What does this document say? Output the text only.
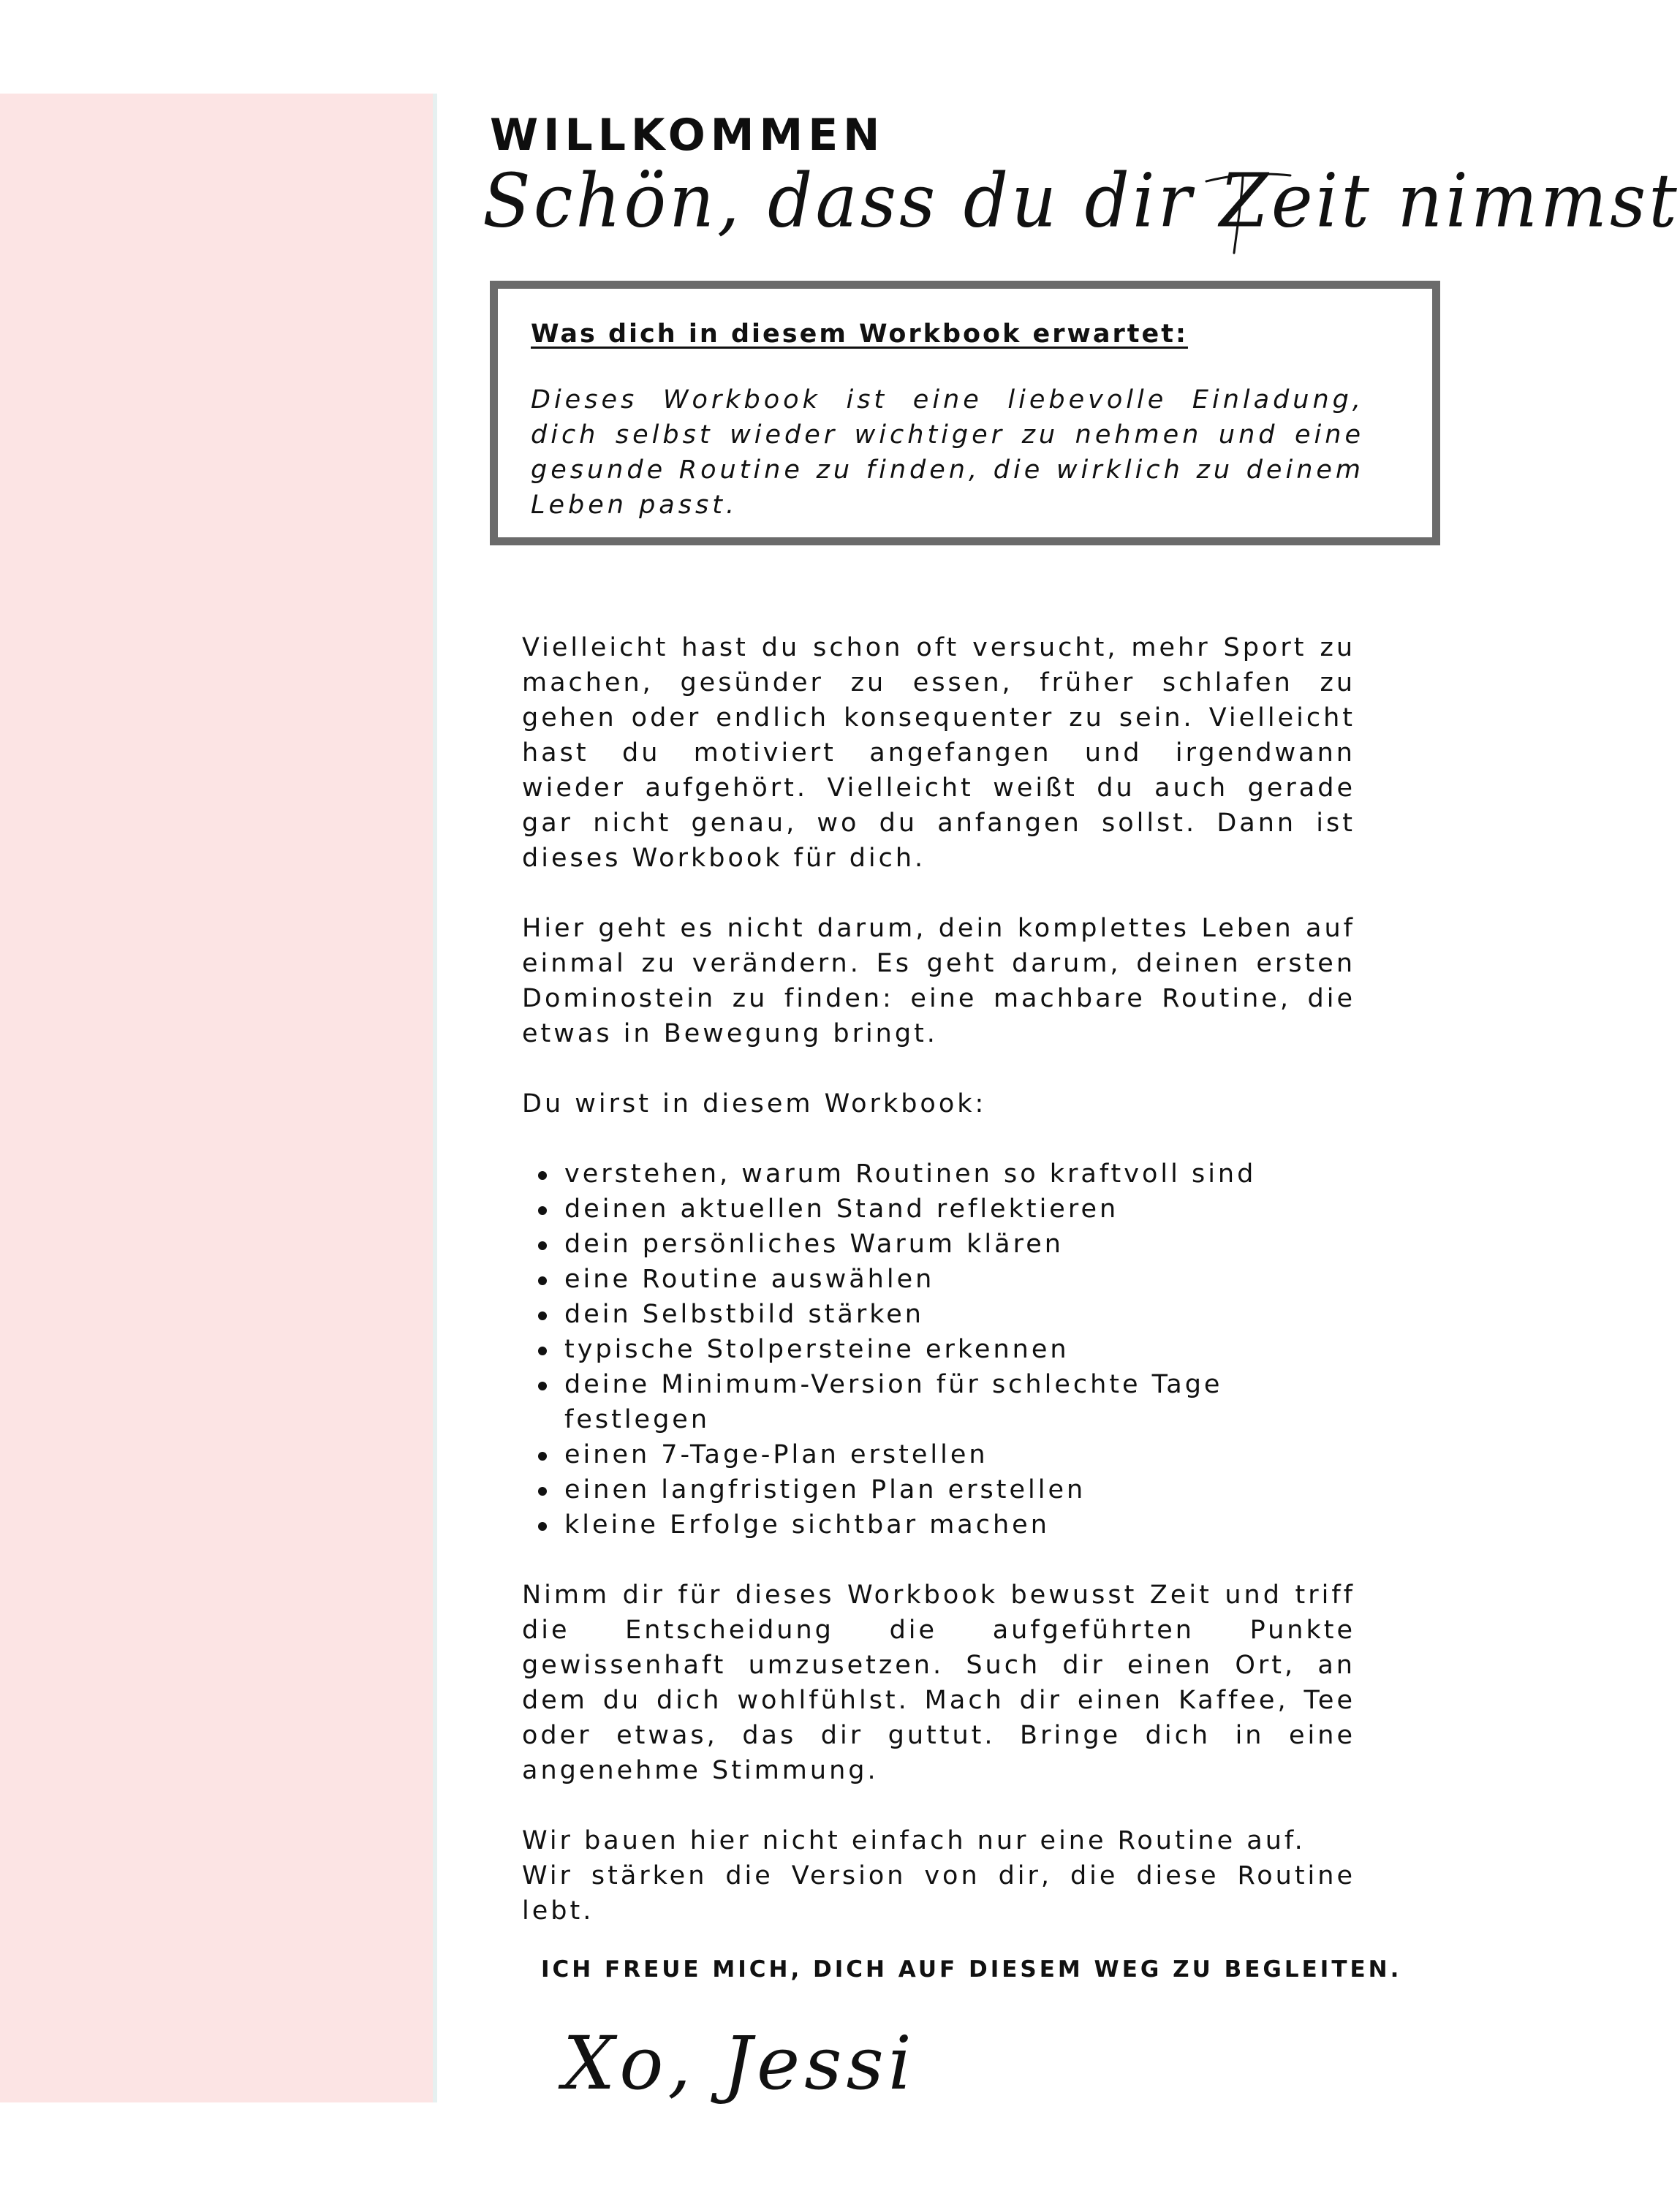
WILLKOMMEN
Schön, dass du dir Zeit nimmst
Was dich in diesem Workbook erwartet:

Dieses Workbook ist eine liebevolle Einladung, dich selbst wieder wichtiger zu nehmen und eine gesunde Routine zu finden, die wirklich zu deinem Leben passt.

Vielleicht hast du schon oft versucht, mehr Sport zu machen, gesünder zu essen, früher schlafen zu gehen oder endlich konsequenter zu sein. Vielleicht hast du motiviert angefangen und irgendwann wieder aufgehört. Vielleicht weißt du auch gerade gar nicht genau, wo du anfangen sollst. Dann ist dieses Workbook für dich.

Hier geht es nicht darum, dein komplettes Leben auf einmal zu verändern. Es geht darum, deinen ersten Dominostein zu finden: eine machbare Routine, die etwas in Bewegung bringt.

Du wirst in diesem Workbook:

verstehen, warum Routinen so kraftvoll sind
deinen aktuellen Stand reflektieren
dein persönliches Warum klären
eine Routine auswählen
dein Selbstbild stärken
typische Stolpersteine erkennen
deine Minimum-Version für schlechte Tage festlegen
einen 7-Tage-Plan erstellen
einen langfristigen Plan erstellen
kleine Erfolge sichtbar machen

Nimm dir für dieses Workbook bewusst Zeit und triff die Entscheidung die aufgeführten Punkte gewissenhaft umzusetzen. Such dir einen Ort, an dem du dich wohlfühlst. Mach dir einen Kaffee, Tee oder etwas, das dir guttut. Bringe dich in eine angenehme Stimmung.

Wir bauen hier nicht einfach nur eine Routine auf.
Wir stärken die Version von dir, die diese Routine lebt.

ICH FREUE MICH, DICH AUF DIESEM WEG ZU BEGLEITEN.

Xo, Jessi
